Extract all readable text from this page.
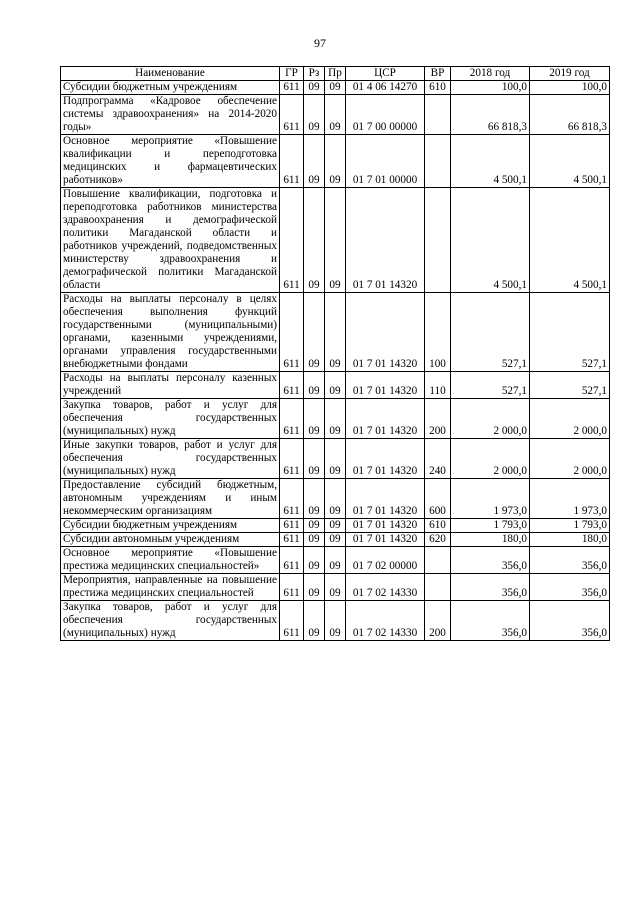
97
Наименование	ГР	Рз	Пр	ЦСР	ВР	2018 год	2019 год
Субсидии бюджетным учреждениям	611	09	09	01 4 06 14270	610	100,0	100,0
Подпрограмма «Кадровое обеспечение системы здравоохранения» на 2014-2020 годы»	611	09	09	01 7 00 00000		66 818,3	66 818,3
Основное мероприятие «Повышение квалификации и переподготовка медицинских и фармацевтических работников»	611	09	09	01 7 01 00000		4 500,1	4 500,1
Повышение квалификации, подготовка и переподготовка работников министерства здравоохранения и демографической политики Магаданской области и работников учреждений, подведомственных министерству здравоохранения и демографической политики Магаданской области	611	09	09	01 7 01 14320		4 500,1	4 500,1
Расходы на выплаты персоналу в целях обеспечения выполнения функций государственными (муниципальными) органами, казенными учреждениями, органами управления государственными внебюджетными фондами	611	09	09	01 7 01 14320	100	527,1	527,1
Расходы на выплаты персоналу казенных учреждений	611	09	09	01 7 01 14320	110	527,1	527,1
Закупка товаров, работ и услуг для обеспечения государственных (муниципальных) нужд	611	09	09	01 7 01 14320	200	2 000,0	2 000,0
Иные закупки товаров, работ и услуг для обеспечения государственных (муниципальных) нужд	611	09	09	01 7 01 14320	240	2 000,0	2 000,0
Предоставление субсидий бюджетным, автономным учреждениям и иным некоммерческим организациям	611	09	09	01 7 01 14320	600	1 973,0	1 973,0
Субсидии бюджетным учреждениям	611	09	09	01 7 01 14320	610	1 793,0	1 793,0
Субсидии автономным учреждениям	611	09	09	01 7 01 14320	620	180,0	180,0
Основное мероприятие «Повышение престижа медицинских специальностей»	611	09	09	01 7 02 00000		356,0	356,0
Мероприятия, направленные на повышение престижа медицинских специальностей	611	09	09	01 7 02 14330		356,0	356,0
Закупка товаров, работ и услуг для обеспечения государственных (муниципальных) нужд	611	09	09	01 7 02 14330	200	356,0	356,0
